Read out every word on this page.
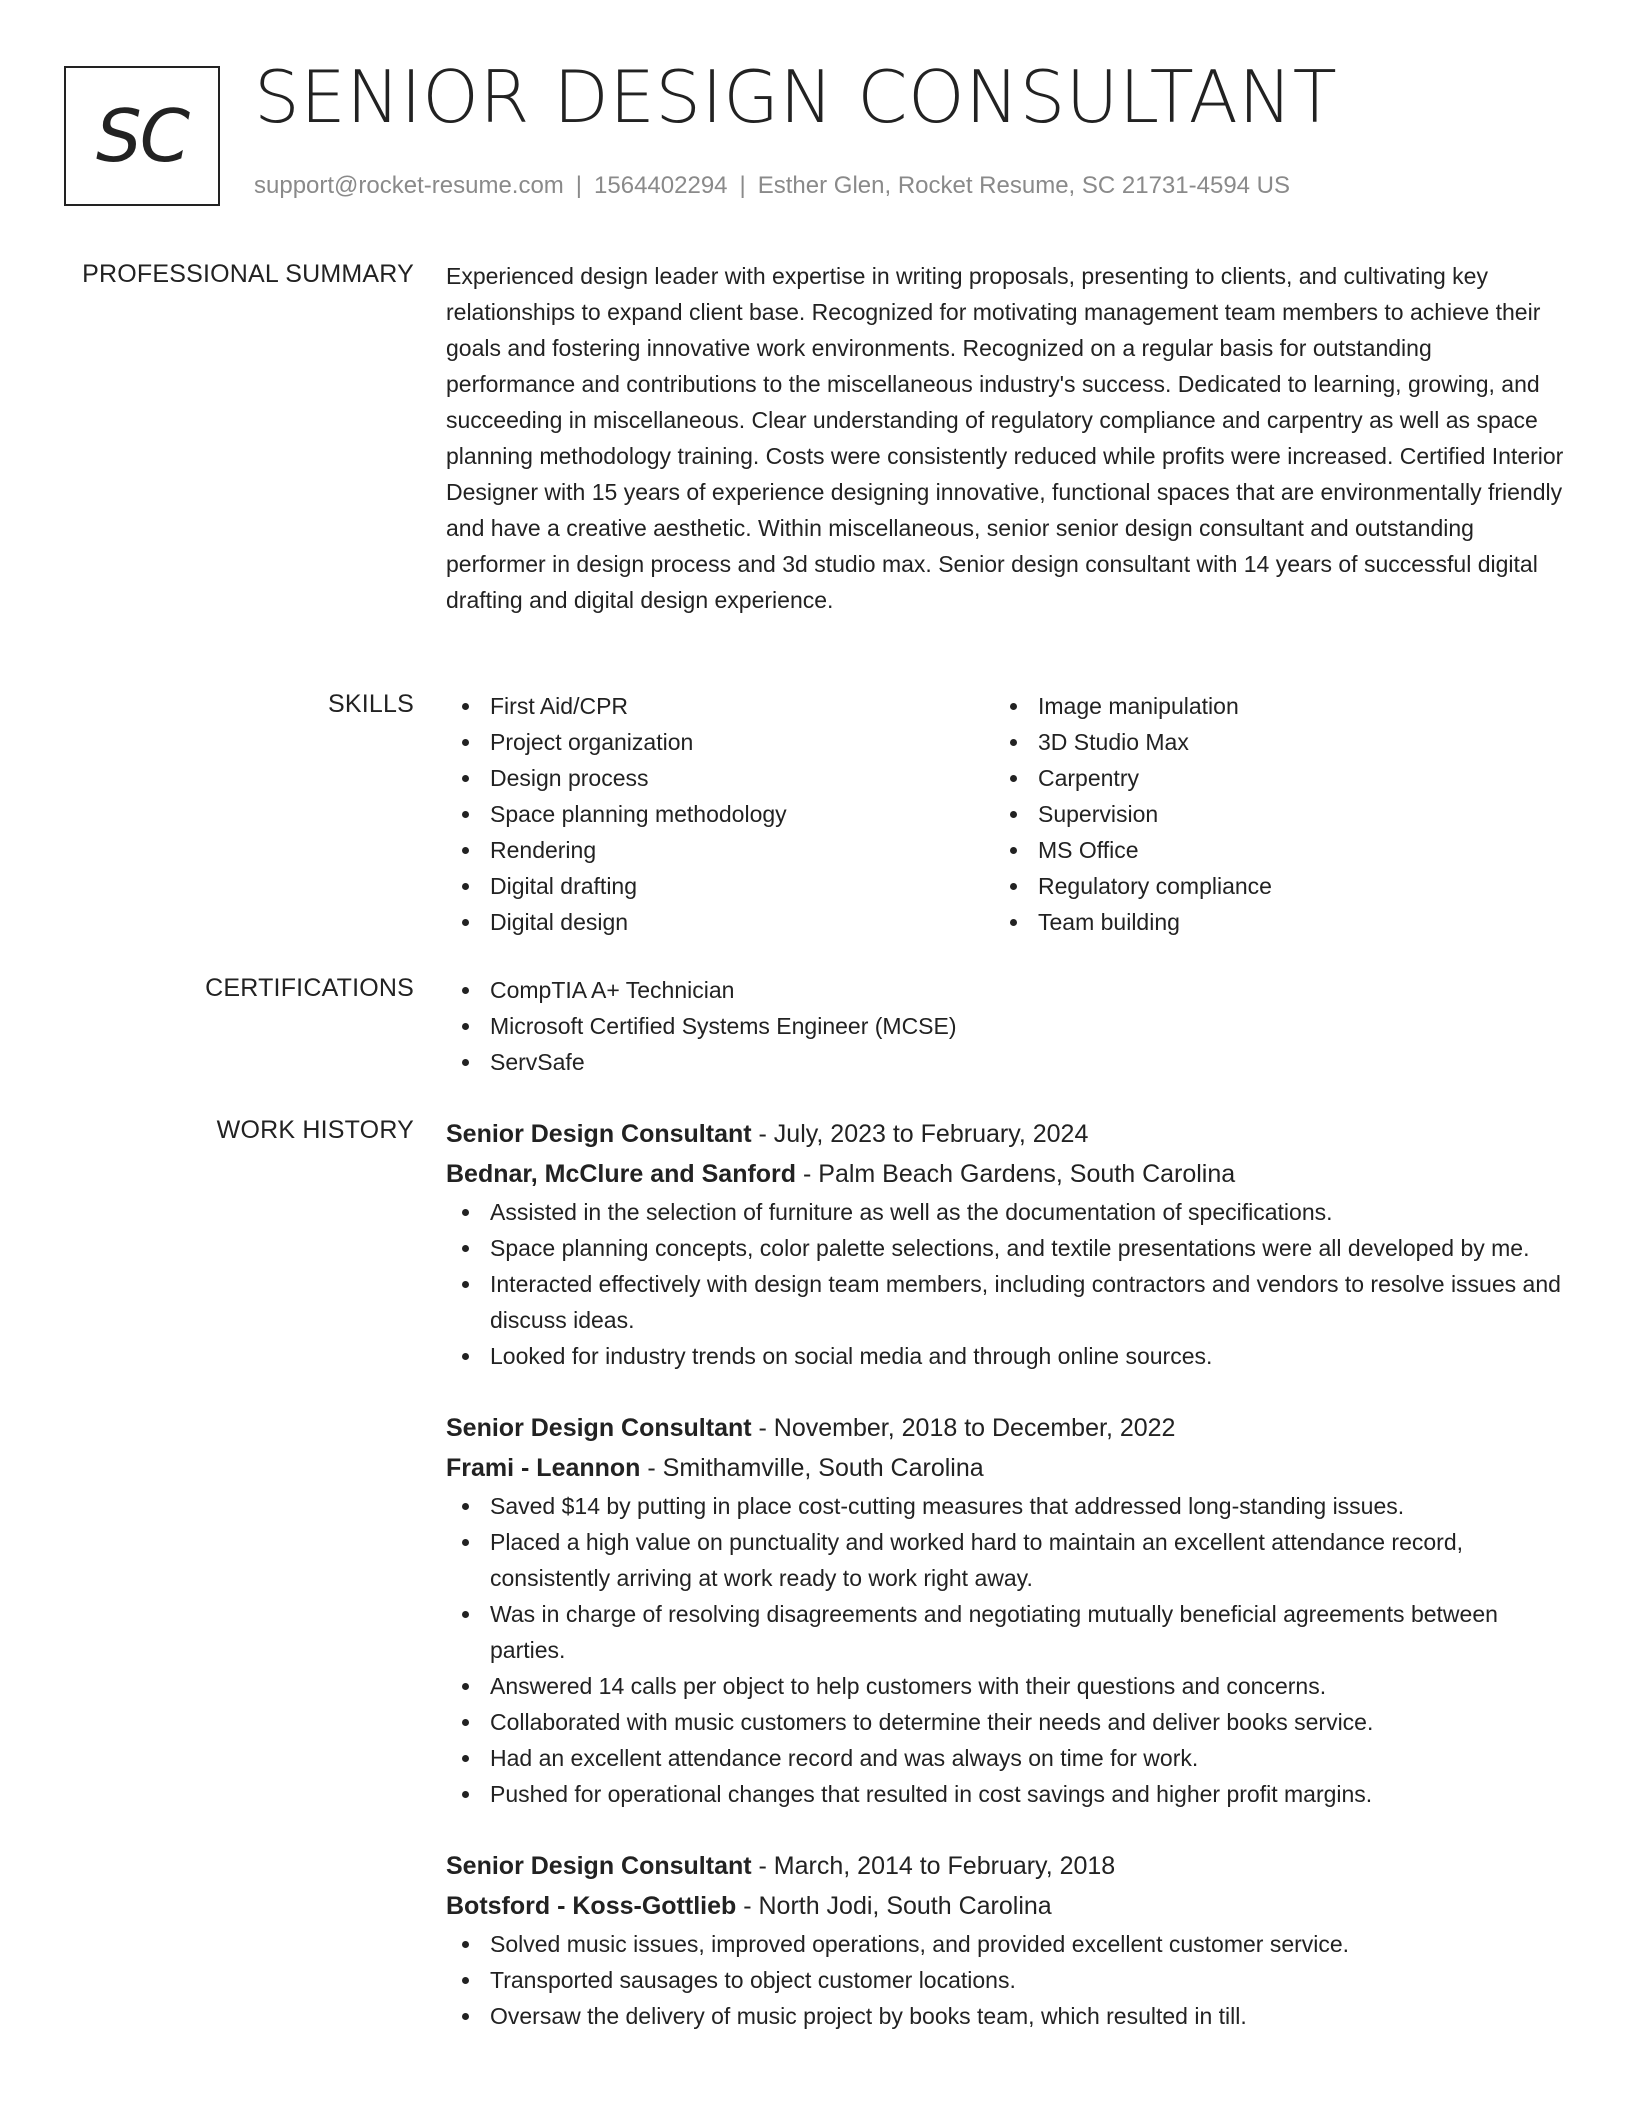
SC SENIOR DESIGN CONSULTANT
support@rocket-resume.com | 1564402294 | Esther Glen, Rocket Resume, SC 21731-4594 US
PROFESSIONAL SUMMARY Experienced design leader with expertise in writing proposals, presenting to clients, and cultivating key relationships to expand client base. Recognized for motivating management team members to achieve their goals and fostering innovative work environments. Recognized on a regular basis for outstanding performance and contributions to the miscellaneous industry's success. Dedicated to learning, growing, and succeeding in miscellaneous. Clear understanding of regulatory compliance and carpentry as well as space planning methodology training. Costs were consistently reduced while profits were increased. Certified Interior Designer with 15 years of experience designing innovative, functional spaces that are environmentally friendly and have a creative aesthetic. Within miscellaneous, senior senior design consultant and outstanding performer in design process and 3d studio max. Senior design consultant with 14 years of successful digital drafting and digital design experience.

SKILLS	First Aid/CPR
Project organization
Design process
Space planning methodology
Rendering
Digital drafting
Digital design
Image manipulation
3D Studio Max
Carpentry
Supervision
MS Office
Regulatory compliance
Team building
CERTIFICATIONS	CompTIA A+ Technician
Microsoft Certified Systems Engineer (MCSE)
ServSafe
WORK HISTORY Senior Design Consultant - July, 2023 to February, 2024
Bednar, McClure and Sanford - Palm Beach Gardens, South Carolina
Assisted in the selection of furniture as well as the documentation of specifications.
Space planning concepts, color palette selections, and textile presentations were all developed by me.
Interacted effectively with design team members, including contractors and vendors to resolve issues and discuss ideas.
Looked for industry trends on social media and through online sources.
Senior Design Consultant - November, 2018 to December, 2022
Frami - Leannon - Smithamville, South Carolina
Saved $14 by putting in place cost-cutting measures that addressed long-standing issues.
Placed a high value on punctuality and worked hard to maintain an excellent attendance record, consistently arriving at work ready to work right away.
Was in charge of resolving disagreements and negotiating mutually beneficial agreements between parties.
Answered 14 calls per object to help customers with their questions and concerns.
Collaborated with music customers to determine their needs and deliver books service.
Had an excellent attendance record and was always on time for work.
Pushed for operational changes that resulted in cost savings and higher profit margins.
Senior Design Consultant - March, 2014 to February, 2018
Botsford - Koss-Gottlieb - North Jodi, South Carolina
Solved music issues, improved operations, and provided excellent customer service.
Transported sausages to object customer locations.
Oversaw the delivery of music project by books team, which resulted in till.
